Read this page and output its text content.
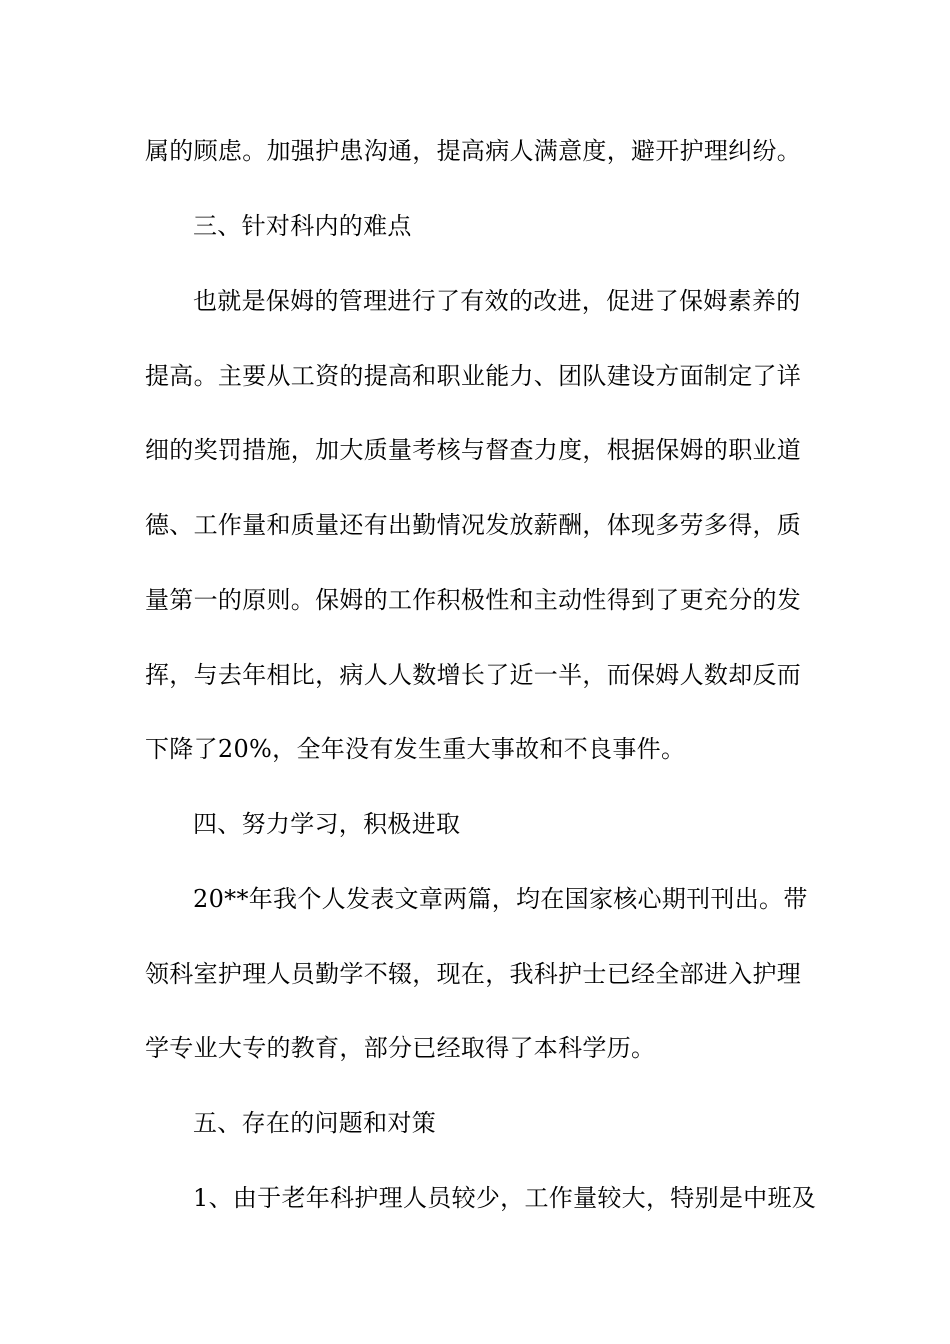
属的顾虑。加强护患沟通，提高病人满意度，避开护理纠纷。
三、针对科内的难点
也就是保姆的管理进行了有效的改进，促进了保姆素养的
提高。主要从工资的提高和职业能力、团队建设方面制定了详
细的奖罚措施，加大质量考核与督查力度，根据保姆的职业道
德、工作量和质量还有出勤情况发放薪酬，体现多劳多得，质
量第一的原则。保姆的工作积极性和主动性得到了更充分的发
挥，与去年相比，病人人数增长了近一半，而保姆人数却反而
下降了20%，全年没有发生重大事故和不良事件。
四、努力学习，积极进取
20**年我个人发表文章两篇，均在国家核心期刊刊出。带
领科室护理人员勤学不辍，现在，我科护士已经全部进入护理
学专业大专的教育，部分已经取得了本科学历。
五、存在的问题和对策
1、由于老年科护理人员较少，工作量较大，特别是中班及
